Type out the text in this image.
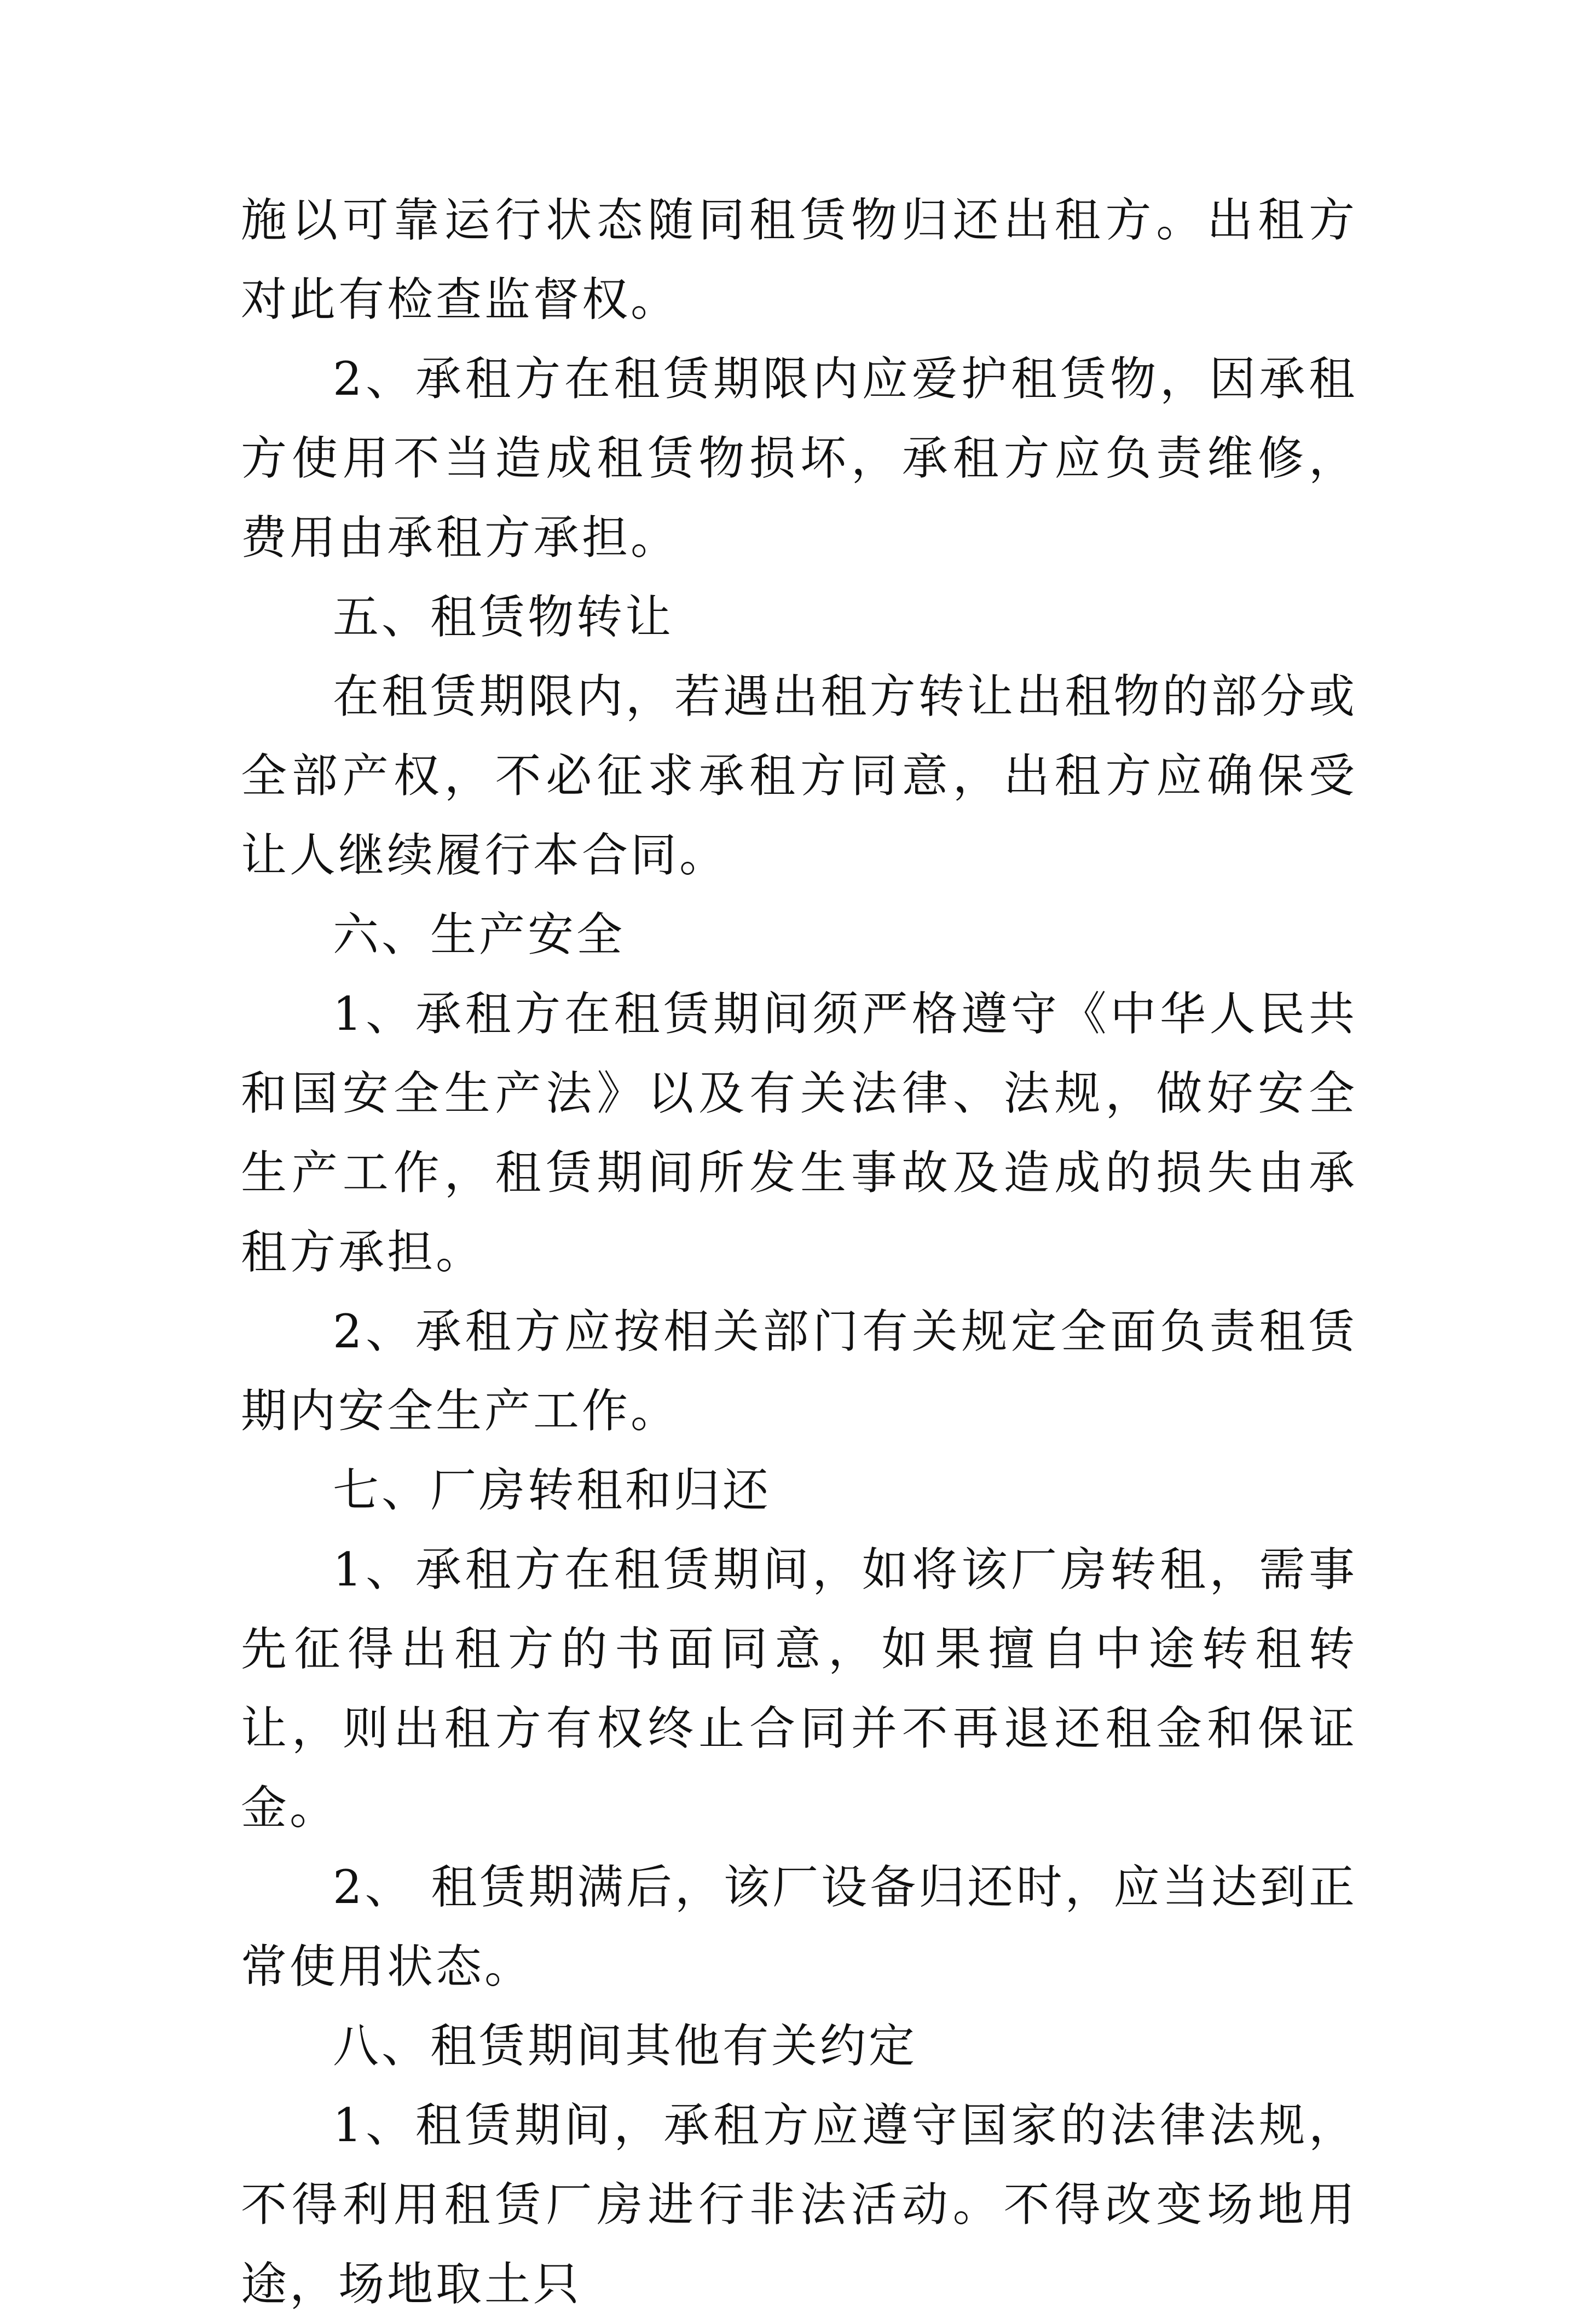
施以可靠运行状态随同租赁物归还出租方。出租方对此有检查监督权。

2、承租方在租赁期限内应爱护租赁物，因承租方使用不当造成租赁物损坏，承租方应负责维修，费用由承租方承担。

五、租赁物转让

在租赁期限内，若遇出租方转让出租物的部分或全部产权，不必征求承租方同意，出租方应确保受让人继续履行本合同。

六、生产安全

1、承租方在租赁期间须严格遵守《中华人民共和国安全生产法》以及有关法律、法规，做好安全生产工作，租赁期间所发生事故及造成的损失由承租方承担。

2、承租方应按相关部门有关规定全面负责租赁期内安全生产工作。

七、厂房转租和归还

1、承租方在租赁期间，如将该厂房转租，需事先征得出租方的书面同意，如果擅自中途转租转让，则出租方有权终止合同并不再退还租金和保证金。

2、 租赁期满后，该厂设备归还时，应当达到正常使用状态。

八、租赁期间其他有关约定

1、租赁期间，承租方应遵守国家的法律法规，不得利用租赁厂房进行非法活动。不得改变场地用途，场地取土只
